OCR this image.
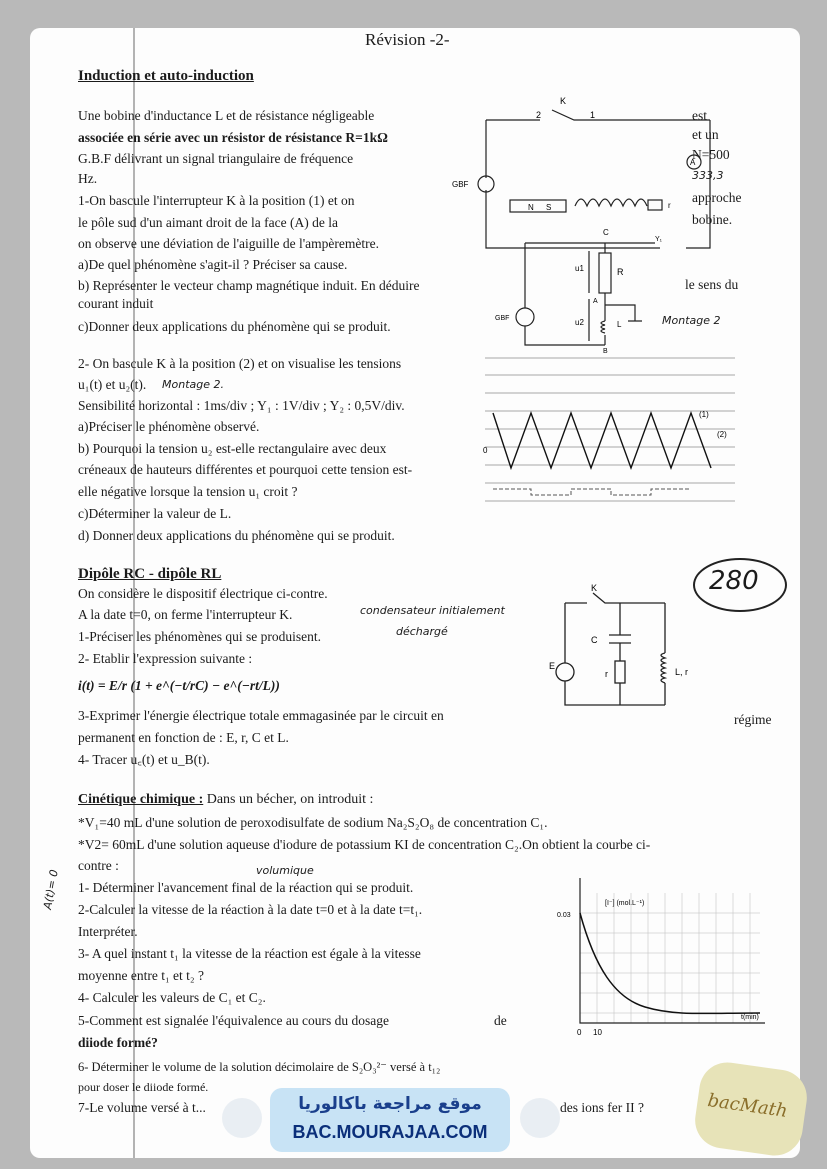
Révision -2-
Induction et auto-induction
Une bobine d'inductance L et de résistance négligeable	est
associée en série avec un résistor de résistance R=1kΩ	et un
G.B.F délivrant un signal triangulaire de fréquence	N=500
Hz.	333,3
1-On bascule l'interrupteur K à la position (1) et on	approche
le pôle sud d'un aimant droit de la face (A) de la	bobine.
on observe une déviation de l'aiguille de l'ampèremètre.
a)De quel phénomène s'agit-il ? Préciser sa cause.
b) Représenter le vecteur champ magnétique induit. En déduire	le sens du
courant induit
c)Donner deux applications du phénomène qui se produit.
2- On bascule K à la position (2) et on visualise les tensions
u₁(t) et u₂(t). Montage 2.
Sensibilité horizontal : 1ms/div ; Y₁ : 1V/div ; Y₂ : 0,5V/div.
a)Préciser le phénomène observé.
b) Pourquoi la tension u₂ est-elle rectangulaire avec deux
créneaux de hauteurs différentes et pourquoi cette tension est-
elle négative lorsque la tension u₁ croit ?
c)Déterminer la valeur de L.
d) Donner deux applications du phénomène qui se produit.
K
2	1
GBF
A
r
N S
C
Y₁
u1	R
GBF
A
u2	L
B
Montage 2
(1)
(2)
0
280
Dipôle RC - dipôle RL
On considère le dispositif électrique ci-contre.
A la date t=0, on ferme l'interrupteur K.	condensateur initialement
déchargé
1-Préciser les phénomènes qui se produisent.
2- Etablir l'expression suivante :
i(t) = E/r (1 + e^(−t/rC) − e^(−rt/L))
3-Exprimer l'énergie électrique totale emmagasinée par le circuit en	régime
permanent en fonction de : E, r, C et L.
4- Tracer u꜀(t) et u_B(t).
K
E
C
r	L, r
Cinétique chimique : Dans un bécher, on introduit :
*V₁=40 mL d'une solution de peroxodisulfate de sodium Na₂S₂O₈ de concentration C₁.
*V2= 60mL d'une solution aqueuse d'iodure de potassium KI de concentration C₂.On obtient la courbe ci-
contre :	volumique
1- Déterminer l'avancement final de la réaction qui se produit.
2-Calculer la vitesse de la réaction à la date t=0 et à la date t=t₁.
Interpréter.
3- A quel instant t₁ la vitesse de la réaction est égale à la vitesse
moyenne entre t₁ et t₂ ?
4- Calculer les valeurs de C₁ et C₂.
5-Comment est signalée l'équivalence au cours du dosage	de
diiode formé?
6- Déterminer le volume de la solution décimolaire de S₂O₃²⁻ versé à t₁₂
pour doser le diiode formé.
7-Le volume versé à t...	des ions fer II ?
A(t)= 0	[I⁻] (mol.L⁻¹)
0.03
t(min)
0 10
موقع مراجعة باكالوريا
BAC.MOURAJAA.COM
bacMath
